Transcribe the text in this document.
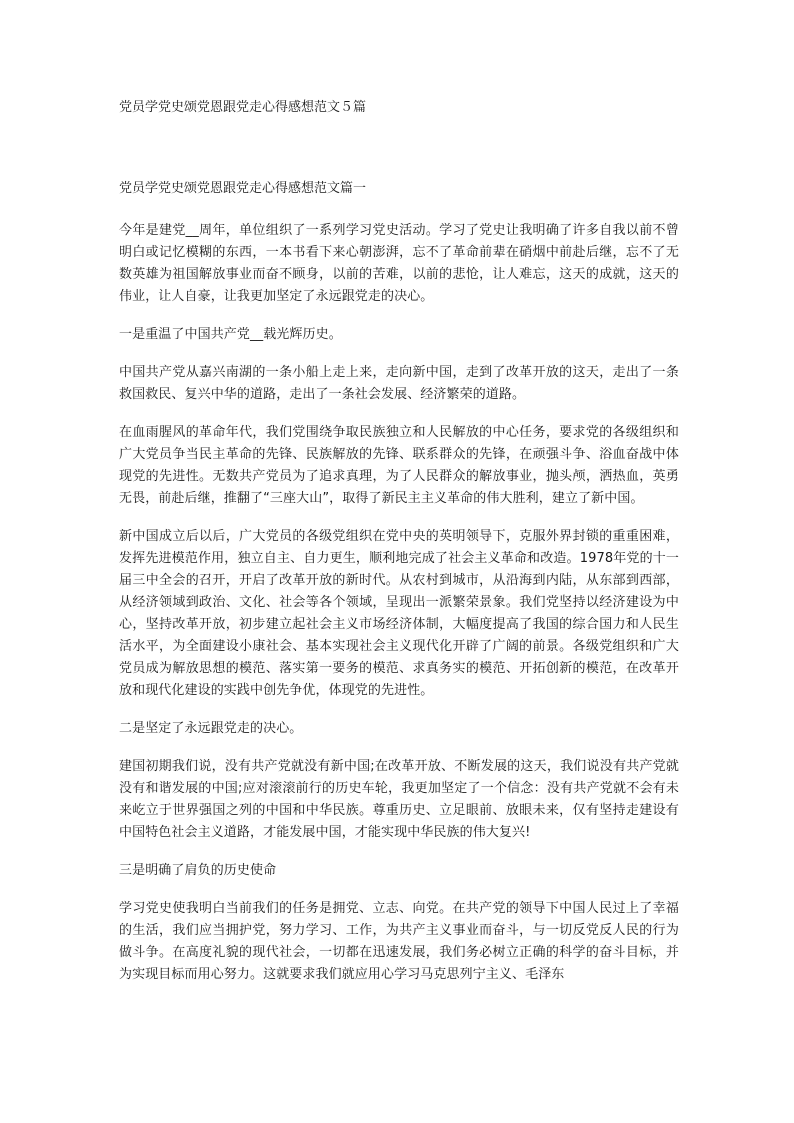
党员学党史颂党恩跟党走心得感想范文５篇
党员学党史颂党恩跟党走心得感想范文篇一

今年是建党__周年，单位组织了一系列学习党史活动。学习了党史让我明确了许多自我以前不曾明白或记忆模糊的东西，一本书看下来心朝澎湃，忘不了革命前辈在硝烟中前赴后继，忘不了无数英雄为祖国解放事业而奋不顾身，以前的苦难，以前的悲怆，让人难忘，这天的成就，这天的伟业，让人自豪，让我更加坚定了永远跟党走的决心。

一是重温了中国共产党__载光辉历史。

中国共产党从嘉兴南湖的一条小船上走上来，走向新中国，走到了改革开放的这天，走出了一条救国救民、复兴中华的道路，走出了一条社会发展、经济繁荣的道路。

在血雨腥风的革命年代，我们党围绕争取民族独立和人民解放的中心任务，要求党的各级组织和广大党员争当民主革命的先锋、民族解放的先锋、联系群众的先锋，在顽强斗争、浴血奋战中体现党的先进性。无数共产党员为了追求真理，为了人民群众的解放事业，抛头颅，洒热血，英勇无畏，前赴后继，推翻了“三座大山”，取得了新民主主义革命的伟大胜利，建立了新中国。

新中国成立后以后，广大党员的各级党组织在党中央的英明领导下，克服外界封锁的重重困难，发挥先进模范作用，独立自主、自力更生，顺利地完成了社会主义革命和改造。1978年党的十一届三中全会的召开，开启了改革开放的新时代。从农村到城市，从沿海到内陆，从东部到西部，从经济领域到政治、文化、社会等各个领域，呈现出一派繁荣景象。我们党坚持以经济建设为中心，坚持改革开放，初步建立起社会主义市场经济体制，大幅度提高了我国的综合国力和人民生活水平，为全面建设小康社会、基本实现社会主义现代化开辟了广阔的前景。各级党组织和广大党员成为解放思想的模范、落实第一要务的模范、求真务实的模范、开拓创新的模范，在改革开放和现代化建设的实践中创先争优，体现党的先进性。

二是坚定了永远跟党走的决心。

建国初期我们说，没有共产党就没有新中国;在改革开放、不断发展的这天，我们说没有共产党就没有和谐发展的中国;应对滚滚前行的历史车轮，我更加坚定了一个信念：没有共产党就不会有未来屹立于世界强国之列的中国和中华民族。尊重历史、立足眼前、放眼未来，仅有坚持走建设有中国特色社会主义道路，才能发展中国，才能实现中华民族的伟大复兴!

三是明确了肩负的历史使命

学习党史使我明白当前我们的任务是拥党、立志、向党。在共产党的领导下中国人民过上了幸福的生活，我们应当拥护党，努力学习、工作，为共产主义事业而奋斗，与一切反党反人民的行为做斗争。在高度礼貌的现代社会，一切都在迅速发展，我们务必树立正确的科学的奋斗目标，并为实现目标而用心努力。这就要求我们就应用心学习马克思列宁主义、毛泽东
